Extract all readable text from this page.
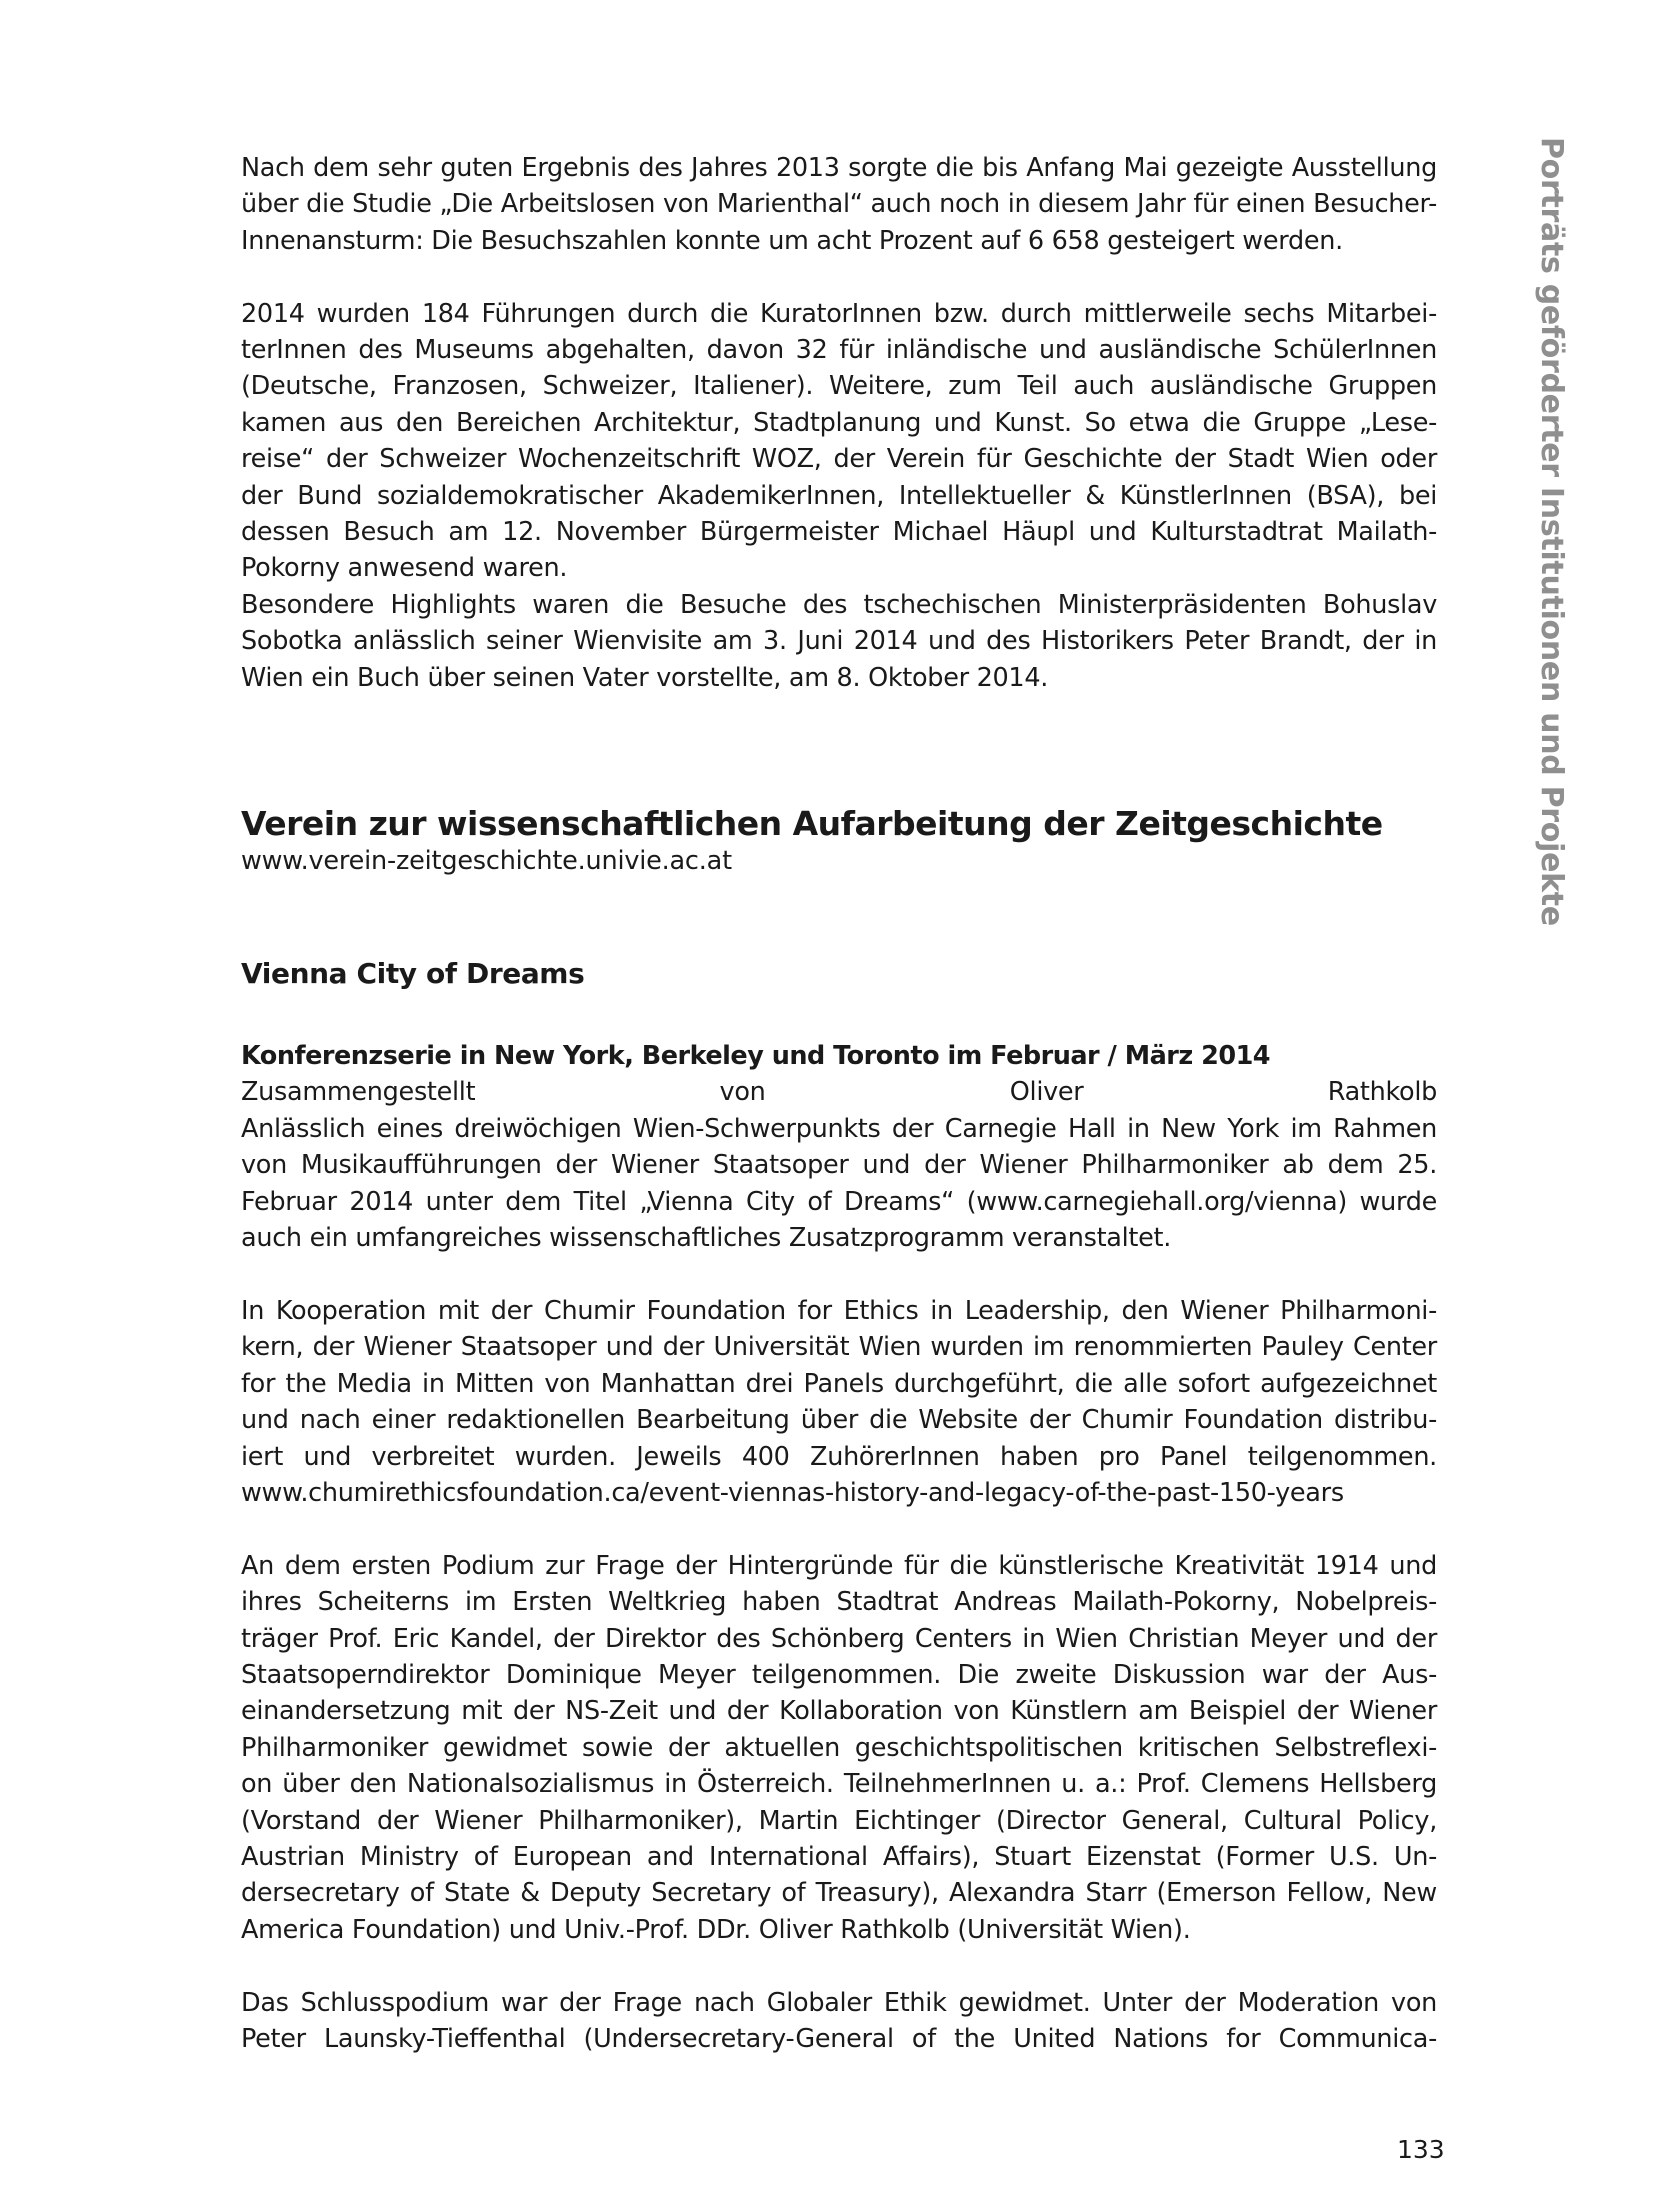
Porträts geförderter Institutionen und Projekte
Nach dem sehr guten Ergebnis des Jahres 2013 sorgte die bis Anfang Mai gezeigte Ausstellung
über die Studie „Die Arbeitslosen von Marienthal“ auch noch in diesem Jahr für einen Besucher-
Innenansturm: Die Besuchszahlen konnte um acht Prozent auf 6 658 gesteigert werden.
2014 wurden 184 Führungen durch die KuratorInnen bzw. durch mittlerweile sechs Mitarbei-
terInnen des Museums abgehalten, davon 32 für inländische und ausländische SchülerInnen
(Deutsche, Franzosen, Schweizer, Italiener). Weitere, zum Teil auch ausländische Gruppen
kamen aus den Bereichen Architektur, Stadtplanung und Kunst. So etwa die Gruppe „Lese-
reise“ der Schweizer Wochenzeitschrift WOZ, der Verein für Geschichte der Stadt Wien oder
der Bund sozialdemokratischer AkademikerInnen, Intellektueller & KünstlerInnen (BSA), bei
dessen Besuch am 12. November Bürgermeister Michael Häupl und Kulturstadtrat Mailath-
Pokorny anwesend waren.
Besondere Highlights waren die Besuche des tschechischen Ministerpräsidenten Bohuslav
Sobotka anlässlich seiner Wienvisite am 3. Juni 2014 und des Historikers Peter Brandt, der in
Wien ein Buch über seinen Vater vorstellte, am 8. Oktober 2014.
Verein zur wissenschaftlichen Aufarbeitung der Zeitgeschichte
www.verein-zeitgeschichte.univie.ac.at
Vienna City of Dreams
Konferenzserie in New York, Berkeley und Toronto im Februar / März 2014
Zusammengestellt von Oliver Rathkolb
Anlässlich eines dreiwöchigen Wien-Schwerpunkts der Carnegie Hall in New York im Rahmen
von Musikaufführungen der Wiener Staatsoper und der Wiener Philharmoniker ab dem 25.
Februar 2014 unter dem Titel „Vienna City of Dreams“ (www.carnegiehall.org/vienna) wurde
auch ein umfangreiches wissenschaftliches Zusatzprogramm veranstaltet.
In Kooperation mit der Chumir Foundation for Ethics in Leadership, den Wiener Philharmoni-
kern, der Wiener Staatsoper und der Universität Wien wurden im renommierten Pauley Center
for the Media in Mitten von Manhattan drei Panels durchgeführt, die alle sofort aufgezeichnet
und nach einer redaktionellen Bearbeitung über die Website der Chumir Foundation distribu-
iert und verbreitet wurden. Jeweils 400 ZuhörerInnen haben pro Panel teilgenommen.
www.chumirethicsfoundation.ca/event-viennas-history-and-legacy-of-the-past-150-years
An dem ersten Podium zur Frage der Hintergründe für die künstlerische Kreativität 1914 und
ihres Scheiterns im Ersten Weltkrieg haben Stadtrat Andreas Mailath-Pokorny, Nobelpreis-
träger Prof. Eric Kandel, der Direktor des Schönberg Centers in Wien Christian Meyer und der
Staatsoperndirektor Dominique Meyer teilgenommen. Die zweite Diskussion war der Aus-
einandersetzung mit der NS-Zeit und der Kollaboration von Künstlern am Beispiel der Wiener
Philharmoniker gewidmet sowie der aktuellen geschichtspolitischen kritischen Selbstreflexi-
on über den Nationalsozialismus in Österreich. TeilnehmerInnen u. a.: Prof. Clemens Hellsberg
(Vorstand der Wiener Philharmoniker), Martin Eichtinger (Director General, Cultural Policy,
Austrian Ministry of European and International Affairs), Stuart Eizenstat (Former U.S. Un-
dersecretary of State & Deputy Secretary of Treasury), Alexandra Starr (Emerson Fellow, New
America Foundation) und Univ.-Prof. DDr. Oliver Rathkolb (Universität Wien).
Das Schlusspodium war der Frage nach Globaler Ethik gewidmet. Unter der Moderation von
Peter Launsky-Tieffenthal (Undersecretary-General of the United Nations for Communica-
133
